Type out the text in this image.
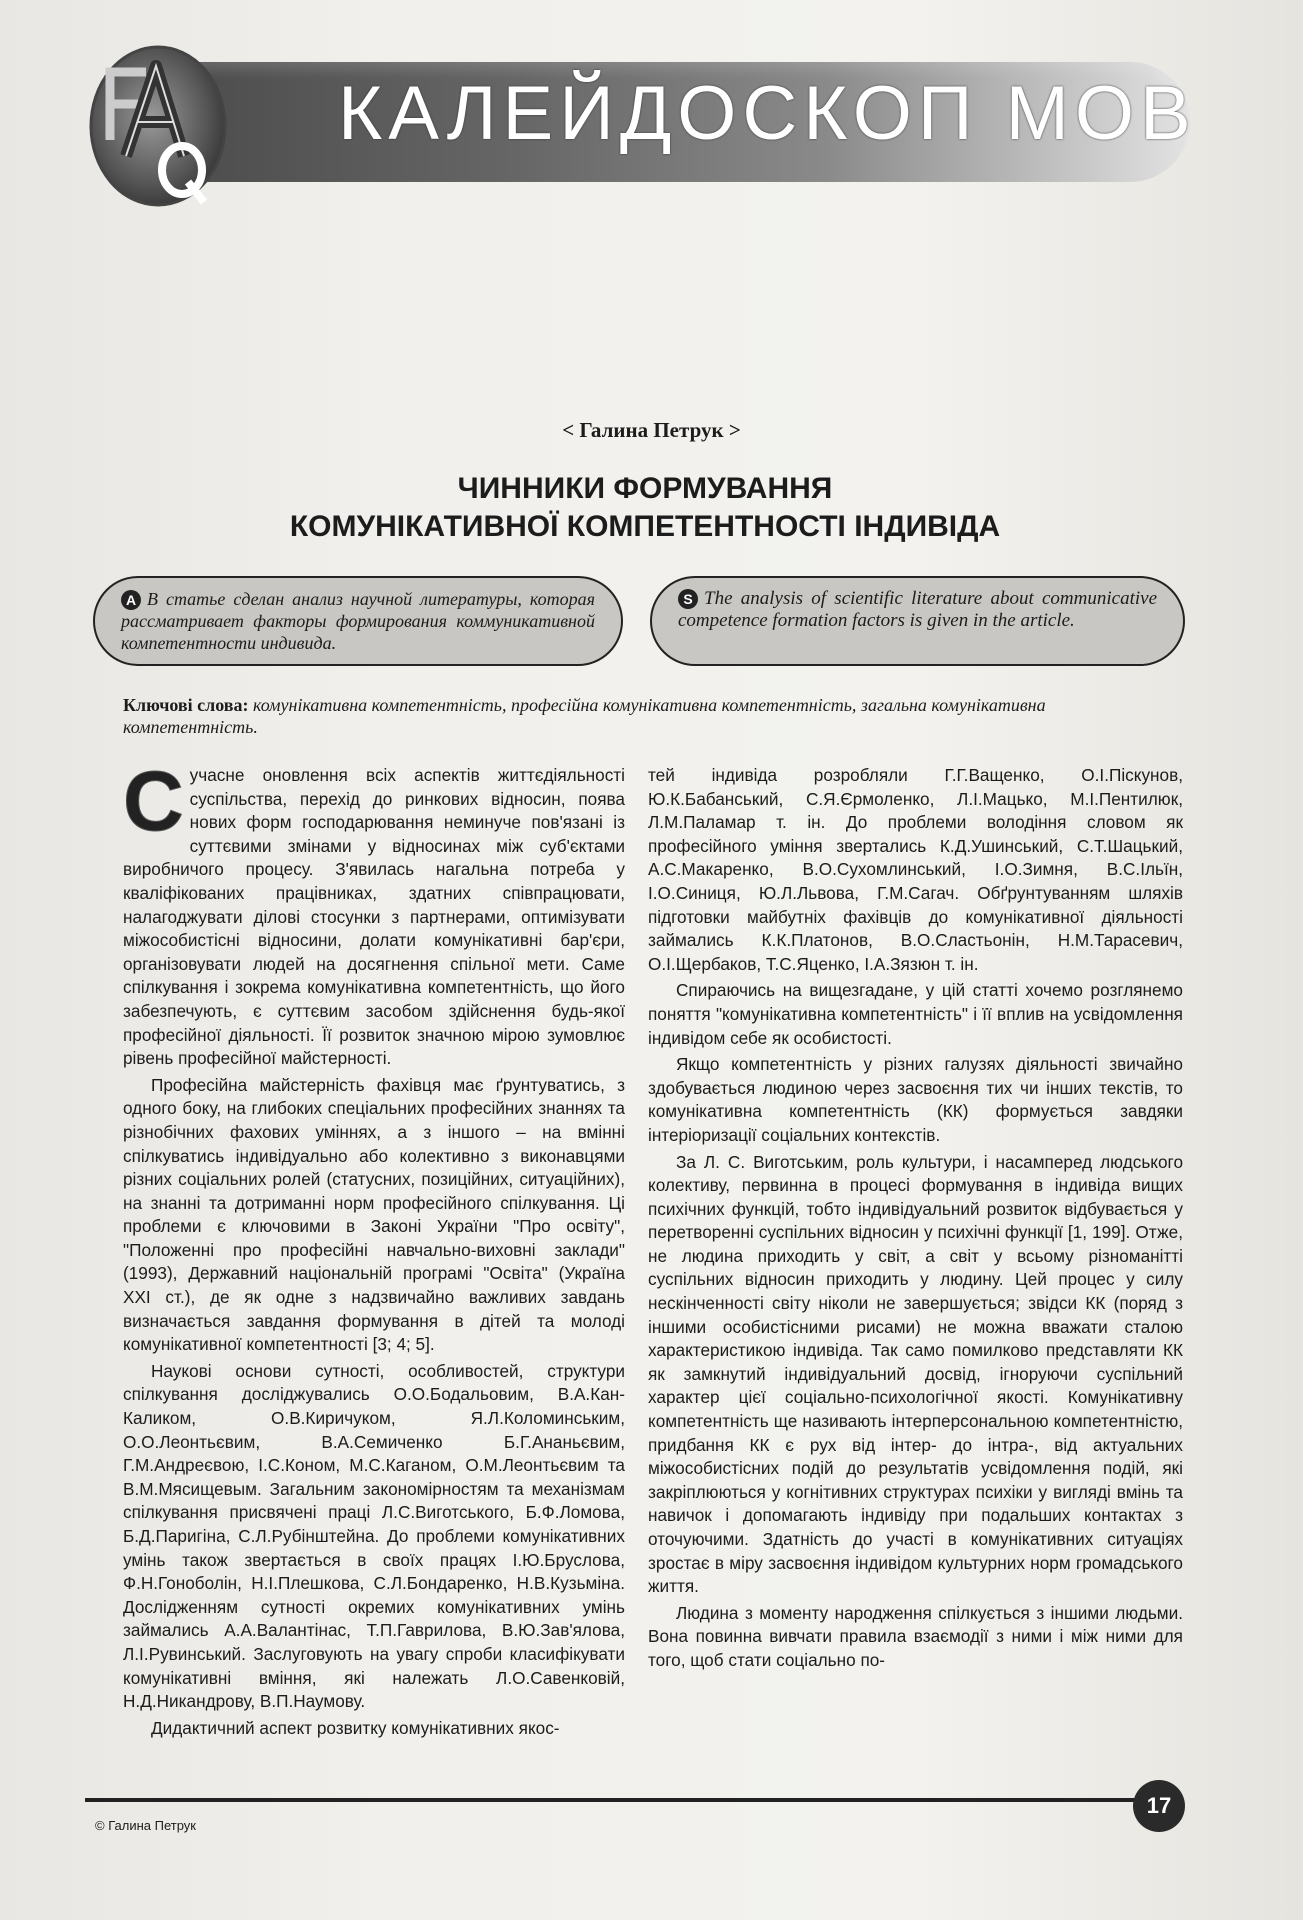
КАЛЕЙДОСКОП МОВ
< Галина Петрук >
ЧИННИКИ ФОРМУВАННЯ
КОМУНІКАТИВНОЇ КОМПЕТЕНТНОСТІ ІНДИВІДА
A В статье сделан анализ научной литературы, которая рассматривает факторы формирования коммуникативной компетентности индивида.
S The analysis of scientific literature about communicative competence formation factors is given in the article.
Ключові слова: комунікативна компетентність, професійна комунікативна компетентність, загальна комунікативна компетентність.

Сучасне оновлення всіх аспектів життєдіяльності суспільства, перехід до ринкових відносин, поява нових форм господарювання неминуче пов'язані із суттєвими змінами у відносинах між суб'єктами виробничого процесу. З'явилась нагальна потреба у кваліфікованих працівниках, здатних співпрацювати, налагоджувати ділові стосунки з партнерами, оптимізувати міжособистісні відносини, долати комунікативні бар'єри, організовувати людей на досягнення спільної мети. Саме спілкування і зокрема комунікативна компетентність, що його забезпечують, є суттєвим засобом здійснення будь-якої професійної діяльності. Її розвиток значною мірою зумовлює рівень професійної майстерності.

Професійна майстерність фахівця має ґрунтуватись, з одного боку, на глибоких спеціальних професійних знаннях та різнобічних фахових уміннях, а з іншого – на вмінні спілкуватись індивідуально або колективно з виконавцями різних соціальних ролей (статусних, позиційних, ситуаційних), на знанні та дотриманні норм професійного спілкування. Ці проблеми є ключовими в Законі України "Про освіту", "Положенні про професійні навчально-виховні заклади" (1993), Державний національній програмі "Освіта" (Україна XXI ст.), де як одне з надзвичайно важливих завдань визначається завдання формування в дітей та молоді комунікативної компетентності [3; 4; 5].

Наукові основи сутності, особливостей, структури спілкування досліджувались О.О.Бодальовим, В.А.Кан-Каликом, О.В.Киричуком, Я.Л.Коломинським, О.О.Леонтьєвим, В.А.Семиченко Б.Г.Ананьєвим, Г.М.Андреєвою, І.С.Коном, М.С.Каганом, О.М.Леонтьєвим та В.М.Мясищевым. Загальним закономірностям та механізмам спілкування присвячені праці Л.С.Виготського, Б.Ф.Ломова, Б.Д.Паригіна, С.Л.Рубінштейна. До проблеми комунікативних умінь також звертається в своїх працях І.Ю.Бруслова, Ф.Н.Гоноболін, Н.І.Плешкова, С.Л.Бондаренко, Н.В.Кузьміна. Дослідженням сутності окремих комунікативних умінь займались А.А.Валантінас, Т.П.Гаврилова, В.Ю.Зав'ялова, Л.І.Рувинський. Заслуговують на увагу спроби класифікувати комунікативні вміння, які належать Л.О.Савенковій, Н.Д.Никандрову, В.П.Наумову.

Дидактичний аспект розвитку комунікативних якос-

тей індивіда розробляли Г.Г.Ващенко, О.І.Піскунов, Ю.К.Бабанський, С.Я.Єрмоленко, Л.І.Мацько, М.І.Пентилюк, Л.М.Паламар т. ін. До проблеми володіння словом як професійного уміння звертались К.Д.Ушинський, С.Т.Шацький, А.С.Макаренко, В.О.Сухомлинський, І.О.Зимня, В.С.Ільїн, І.О.Синиця, Ю.Л.Львова, Г.М.Сагач. Обґрунтуванням шляхів підготовки майбутніх фахівців до комунікативної діяльності займались К.К.Платонов, В.О.Сластьонін, Н.М.Тарасевич, О.І.Щербаков, Т.С.Яценко, І.А.Зязюн т. ін.

Спираючись на вищезгадане, у цій статті хочемо розглянемо поняття "комунікативна компетентність" і її вплив на усвідомлення індивідом себе як особистості.

Якщо компетентність у різних галузях діяльності звичайно здобувається людиною через засвоєння тих чи інших текстів, то комунікативна компетентність (КК) формується завдяки інтеріоризації соціальних контекстів.

За Л. С. Виготським, роль культури, і насамперед людського колективу, первинна в процесі формування в індивіда вищих психічних функцій, тобто індивідуальний розвиток відбувається у перетворенні суспільних відносин у психічні функції [1, 199]. Отже, не людина приходить у світ, а світ у всьому різноманітті суспільних відносин приходить у людину. Цей процес у силу нескінченності світу ніколи не завершується; звідси КК (поряд з іншими особистісними рисами) не можна вважати сталою характеристикою індивіда. Так само помилково представляти КК як замкнутий індивідуальний досвід, ігноруючи суспільний характер цієї соціально-психологічної якості. Комунікативну компетентність ще називають інтерперсональною компетентністю, придбання КК є рух від інтер- до інтра-, від актуальних міжособистісних подій до результатів усвідомлення подій, які закріплюються у когнітивних структурах психіки у вигляді вмінь та навичок і допомагають індивіду при подальших контактах з оточуючими. Здатність до участі в комунікативних ситуаціях зростає в міру засвоєння індивідом культурних норм громадського життя.

Людина з моменту народження спілкується з іншими людьми. Вона повинна вивчати правила взаємодії з ними і між ними для того, щоб стати соціально по-

17
© Галина Петрук
